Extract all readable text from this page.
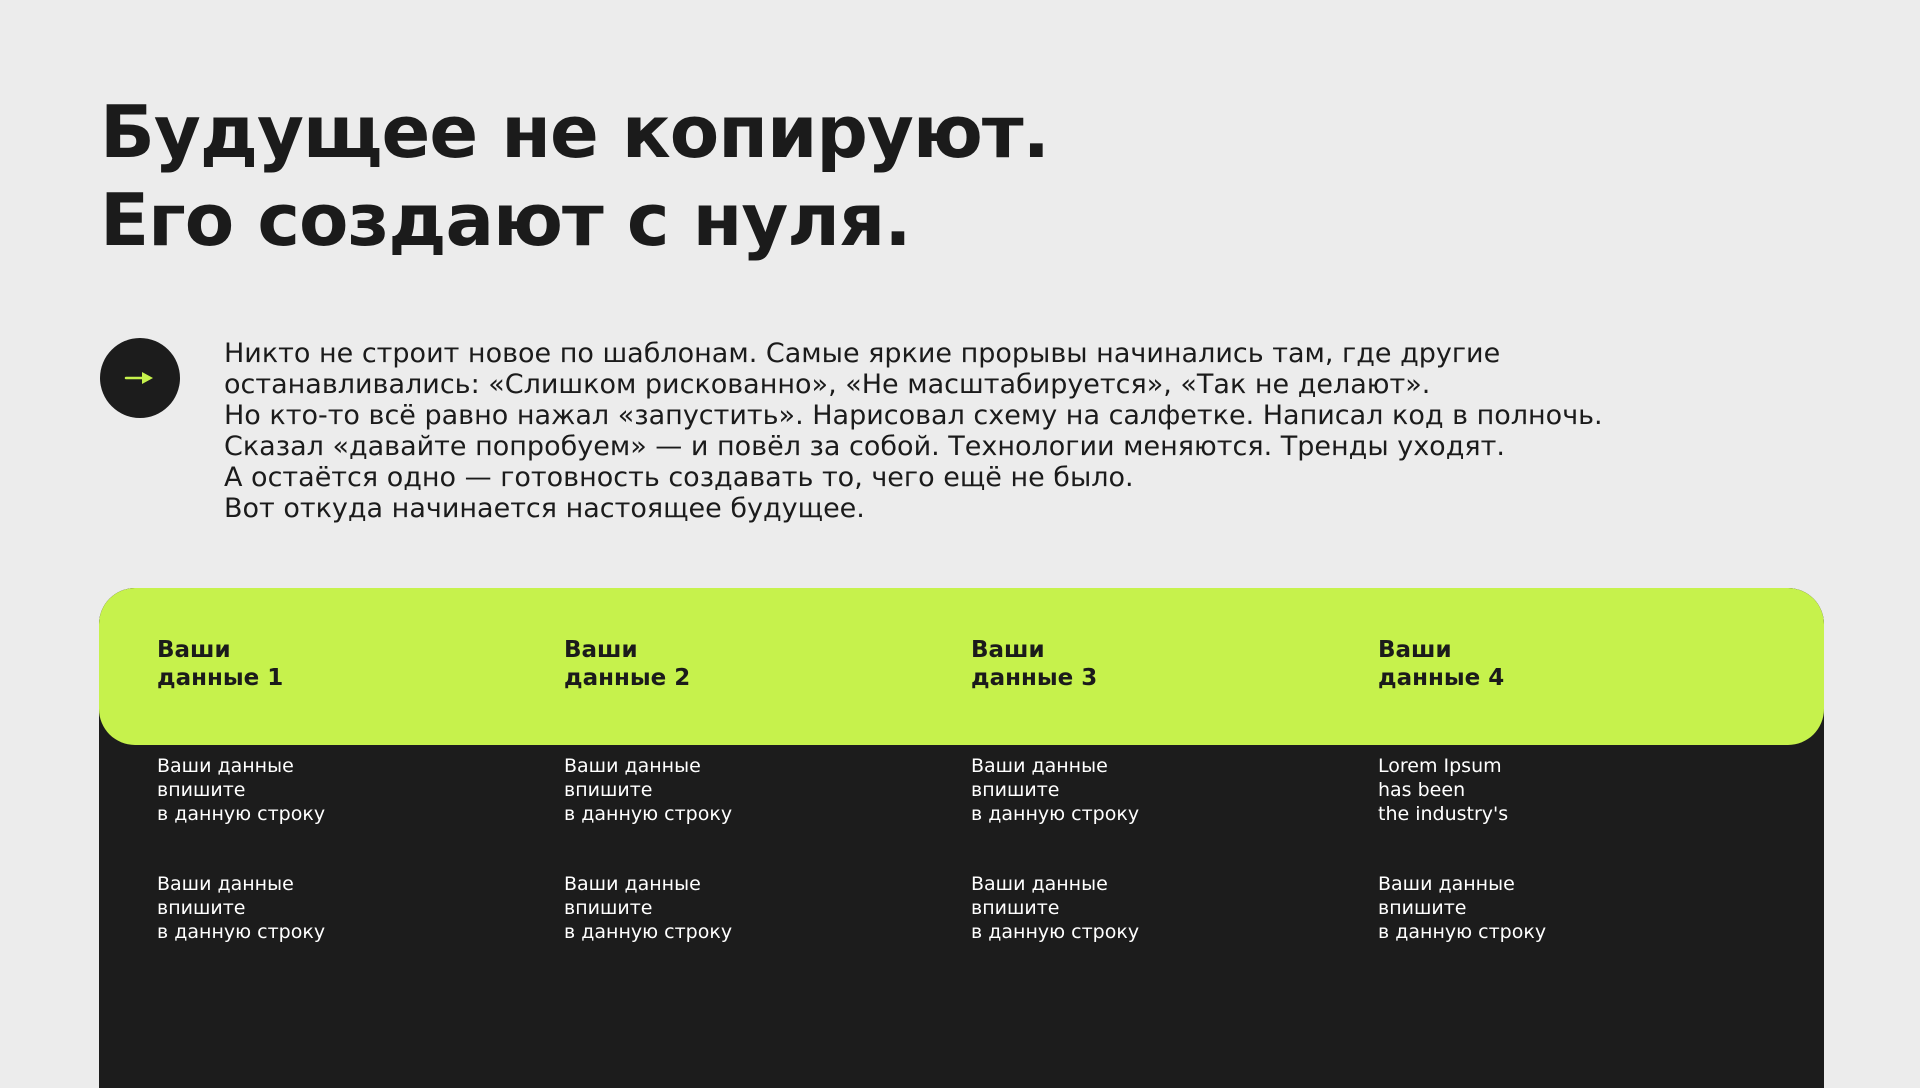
Будущее не копируют.
Его создают с нуля.

Никто не строит новое по шаблонам. Самые яркие прорывы начинались там, где другие
останавливались: «Слишком рискованно», «Не масштабируется», «Так не делают».
Но кто-то всё равно нажал «запустить». Нарисовал схему на салфетке. Написал код в полночь.
Сказал «давайте попробуем» — и повёл за собой. Технологии меняются. Тренды уходят.
А остаётся одно — готовность создавать то, чего ещё не было.
Вот откуда начинается настоящее будущее.

Ваши
данные 1
Ваши
данные 2
Ваши
данные 3
Ваши
данные 4
Ваши данные
впишите
в данную строку
Ваши данные
впишите
в данную строку
Ваши данные
впишите
в данную строку
Lorem Ipsum
has been
the industry's
Ваши данные
впишите
в данную строку
Ваши данные
впишите
в данную строку
Ваши данные
впишите
в данную строку
Ваши данные
впишите
в данную строку
